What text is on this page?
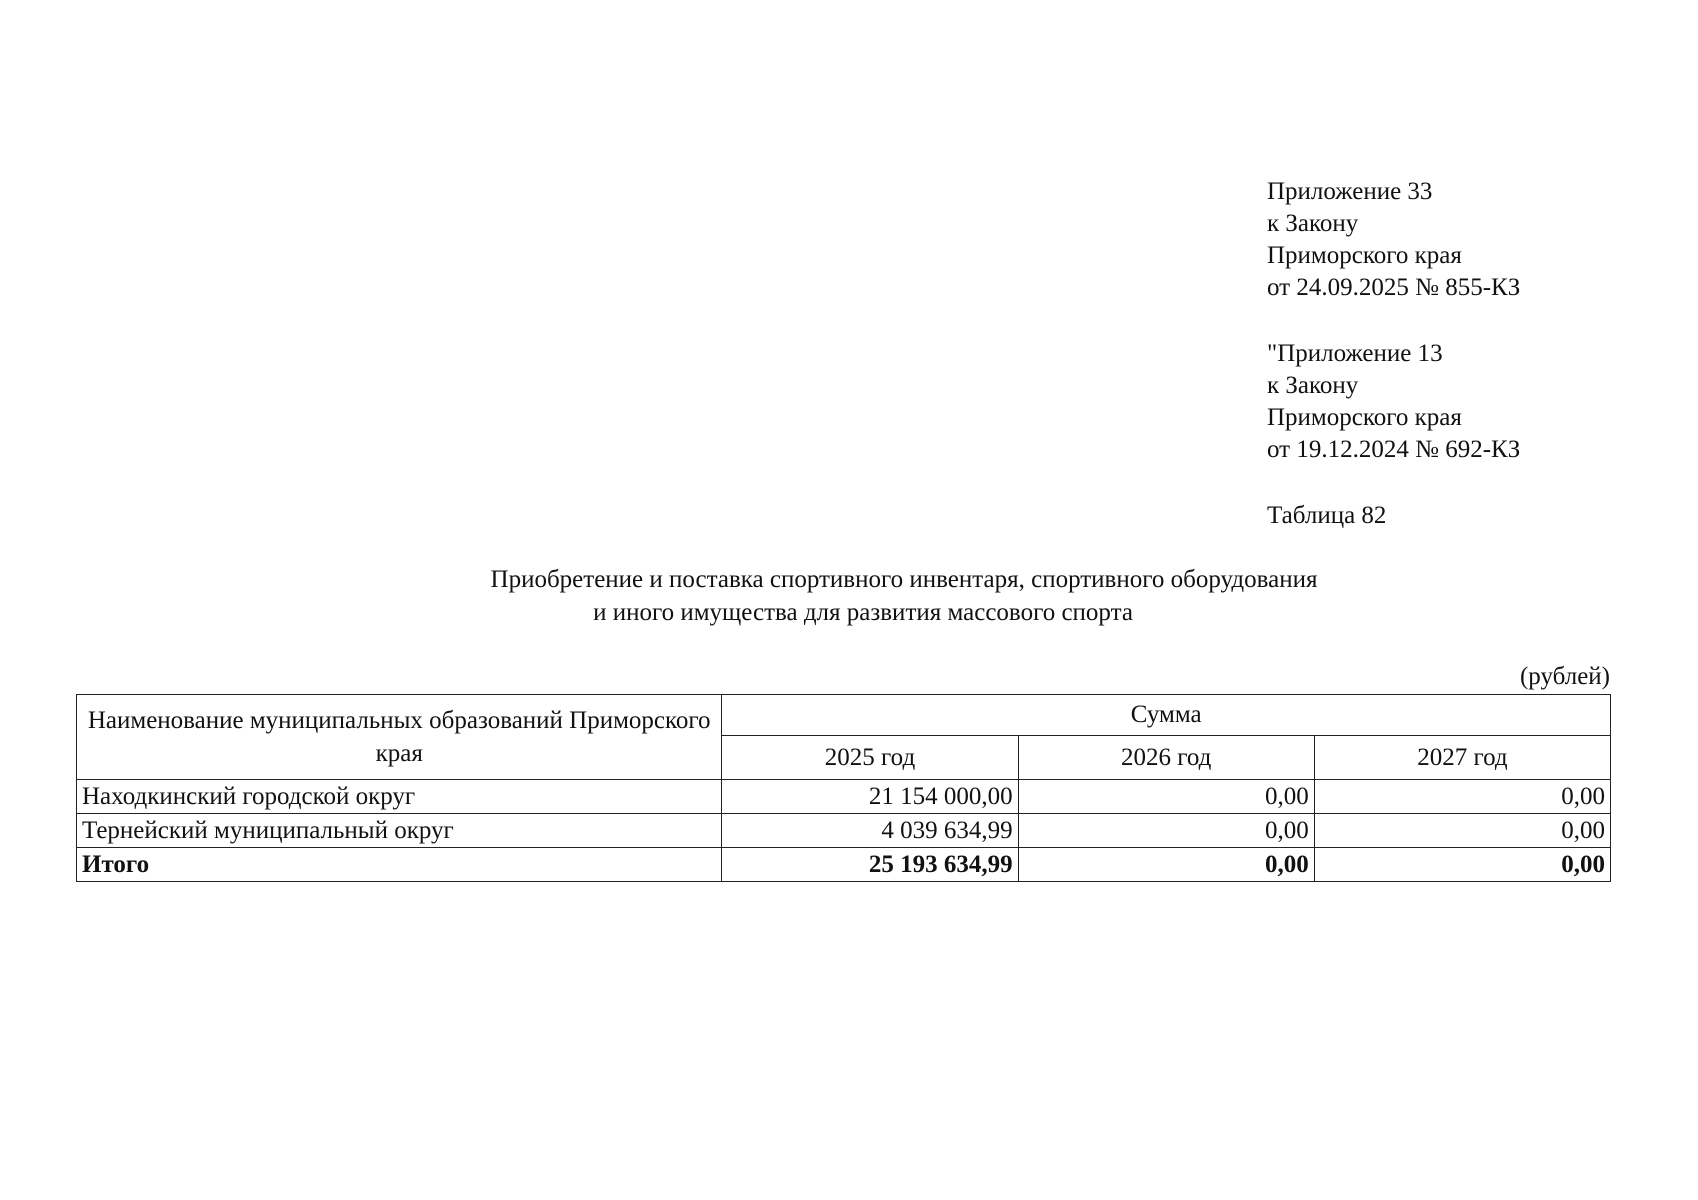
Приложение 33
к Закону
Приморского края
от 24.09.2025 № 855-КЗ
"Приложение 13
к Закону
Приморского края
от 19.12.2024 № 692-КЗ
Таблица 82
Приобретение и поставка спортивного инвентаря, спортивного оборудования
и иного имущества для развития массового спорта
(рублей)
Наименование муниципальных образований Приморского края	Сумма		
	2025 год	2026 год	2027 год
Находкинский городской округ	21 154 000,00	0,00	0,00
Тернейский муниципальный округ	4 039 634,99	0,00	0,00
Итого	25 193 634,99	0,00	0,00
